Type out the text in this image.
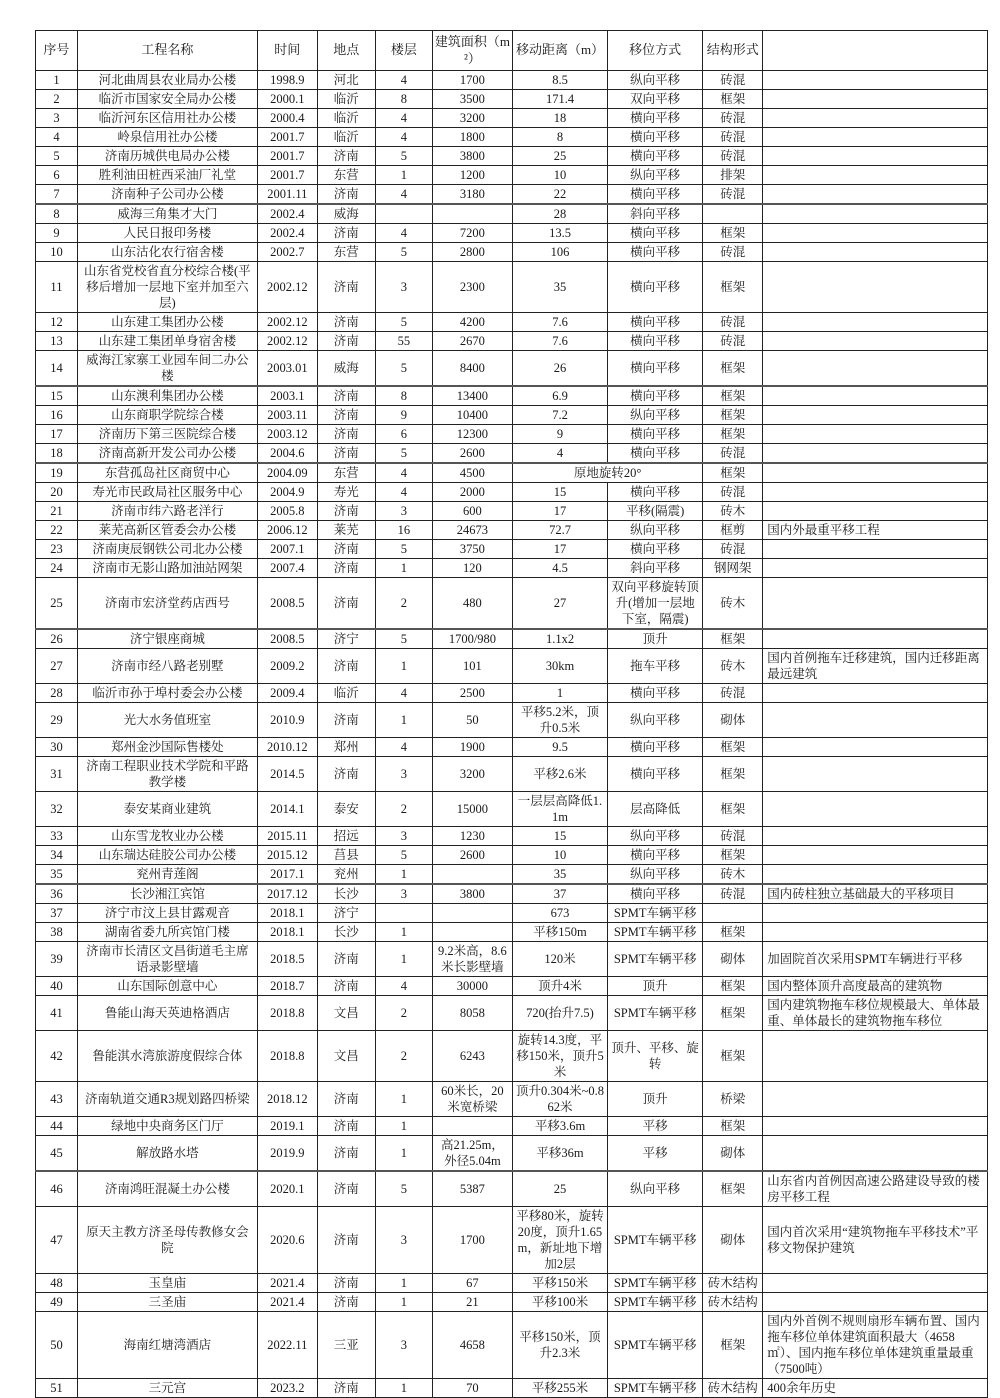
序号	工程名称	时间	地点	楼层	建筑面积（m²）	移动距离（m）	移位方式	结构形式	
1	河北曲周县农业局办公楼	1998.9	河北	4	1700	8.5	纵向平移	砖混	
2	临沂市国家安全局办公楼	2000.1	临沂	8	3500	171.4	双向平移	框架	
3	临沂河东区信用社办公楼	2000.4	临沂	4	3200	18	横向平移	砖混	
4	岭泉信用社办公楼	2001.7	临沂	4	1800	8	横向平移	砖混	
5	济南历城供电局办公楼	2001.7	济南	5	3800	25	横向平移	砖混	
6	胜利油田桩西采油厂礼堂	2001.7	东营	1	1200	10	纵向平移	排架	
7	济南种子公司办公楼	2001.11	济南	4	3180	22	横向平移	砖混	
8	威海三角集才大门	2002.4	威海			28	斜向平移		
9	人民日报印务楼	2002.4	济南	4	7200	13.5	横向平移	框架	
10	山东沽化农行宿舍楼	2002.7	东营	5	2800	106	横向平移	砖混	
11	山东省党校省直分校综合楼(平移后增加一层地下室并加至六层)	2002.12	济南	3	2300	35	横向平移	框架	
12	山东建工集团办公楼	2002.12	济南	5	4200	7.6	横向平移	砖混	
13	山东建工集团单身宿舍楼	2002.12	济南	55	2670	7.6	横向平移	砖混	
14	威海江家寨工业园车间二办公楼	2003.01	威海	5	8400	26	横向平移	框架	
15	山东澳利集团办公楼	2003.1	济南	8	13400	6.9	横向平移	框架	
16	山东商职学院综合楼	2003.11	济南	9	10400	7.2	纵向平移	框架	
17	济南历下第三医院综合楼	2003.12	济南	6	12300	9	横向平移	框架	
18	济南高新开发公司办公楼	2004.6	济南	5	2600	4	横向平移	砖混	
19	东营孤岛社区商贸中心	2004.09	东营	4	4500	原地旋转20°		框架	
20	寿光市民政局社区服务中心	2004.9	寿光	4	2000	15	横向平移	砖混	
21	济南市纬六路老洋行	2005.8	济南	3	600	17	平移(隔震)	砖木	
22	莱芜高新区管委会办公楼	2006.12	莱芜	16	24673	72.7	纵向平移	框剪	国内外最重平移工程
23	济南庚辰钢铁公司北办公楼	2007.1	济南	5	3750	17	横向平移	砖混	
24	济南市无影山路加油站网架	2007.4	济南	1	120	4.5	斜向平移	钢网架	
25	济南市宏济堂药店西号	2008.5	济南	2	480	27	双向平移旋转顶升(增加一层地下室，隔震)	砖木	
26	济宁银座商城	2008.5	济宁	5	1700/980	1.1x2	顶升	框架	
27	济南市经八路老别墅	2009.2	济南	1	101	30km	拖车平移	砖木	国内首例拖车迁移建筑，国内迁移距离最远建筑
28	临沂市孙于埠村委会办公楼	2009.4	临沂	4	2500	1	横向平移	砖混	
29	光大水务值班室	2010.9	济南	1	50	平移5.2米，顶升0.5米	纵向平移	砌体	
30	郑州金沙国际售楼处	2010.12	郑州	4	1900	9.5	横向平移	框架	
31	济南工程职业技术学院和平路教学楼	2014.5	济南	3	3200	平移2.6米	横向平移	框架	
32	泰安某商业建筑	2014.1	泰安	2	15000	一层层高降低1.1m	层高降低	框架	
33	山东雪龙牧业办公楼	2015.11	招远	3	1230	15	纵向平移	砖混	
34	山东瑞达硅胶公司办公楼	2015.12	莒县	5	2600	10	横向平移	框架	
35	兖州青莲阁	2017.1	兖州	1		35	纵向平移	砖木	
36	长沙湘江宾馆	2017.12	长沙	3	3800	37	横向平移	砖混	国内砖柱独立基础最大的平移项目
37	济宁市汶上县甘露观音	2018.1	济宁			673	SPMT车辆平移		
38	湖南省委九所宾馆门楼	2018.1	长沙	1		平移150m	SPMT车辆平移	框架	
39	济南市长清区文昌街道毛主席语录影壁墙	2018.5	济南	1	9.2米高，8.6米长影壁墙	120米	SPMT车辆平移	砌体	加固院首次采用SPMT车辆进行平移
40	山东国际创意中心	2018.7	济南	4	30000	顶升4米	顶升	框架	国内整体顶升高度最高的建筑物
41	鲁能山海天英迪格酒店	2018.8	文昌	2	8058	720(抬升7.5)	SPMT车辆平移	框架	国内建筑物拖车移位规模最大、单体最重、单体最长的建筑物拖车移位
42	鲁能淇水湾旅游度假综合体	2018.8	文昌	2	6243	旋转14.3度，平移150米，顶升5米	顶升、平移、旋转	框架	
43	济南轨道交通R3规划路四桥梁	2018.12	济南	1	60米长，20米宽桥梁	顶升0.304米~0.862米	顶升	桥梁	
44	绿地中央商务区门厅	2019.1	济南	1		平移3.6m	平移	框架	
45	解放路水塔	2019.9	济南	1	高21.25m，外径5.04m	平移36m	平移	砌体	
46	济南鸿旺混凝土办公楼	2020.1	济南	5	5387	25	纵向平移	框架	山东省内首例因高速公路建设导致的楼房平移工程
47	原天主教方济圣母传教修女会院	2020.6	济南	3	1700	平移80米，旋转20度，顶升1.65m，新址地下增加2层	SPMT车辆平移	砌体	国内首次采用“建筑物拖车平移技术”平移文物保护建筑
48	玉皇庙	2021.4	济南	1	67	平移150米	SPMT车辆平移	砖木结构	
49	三圣庙	2021.4	济南	1	21	平移100米	SPMT车辆平移	砖木结构	
50	海南红塘湾酒店	2022.11	三亚	3	4658	平移150米，顶升2.3米	SPMT车辆平移	框架	国内外首例不规则扇形车辆布置、国内拖车移位单体建筑面积最大（4658㎡）、国内拖车移位单体建筑重量最重（7500吨）
51	三元宫	2023.2	济南	1	70	平移255米	SPMT车辆平移	砖木结构	400余年历史
